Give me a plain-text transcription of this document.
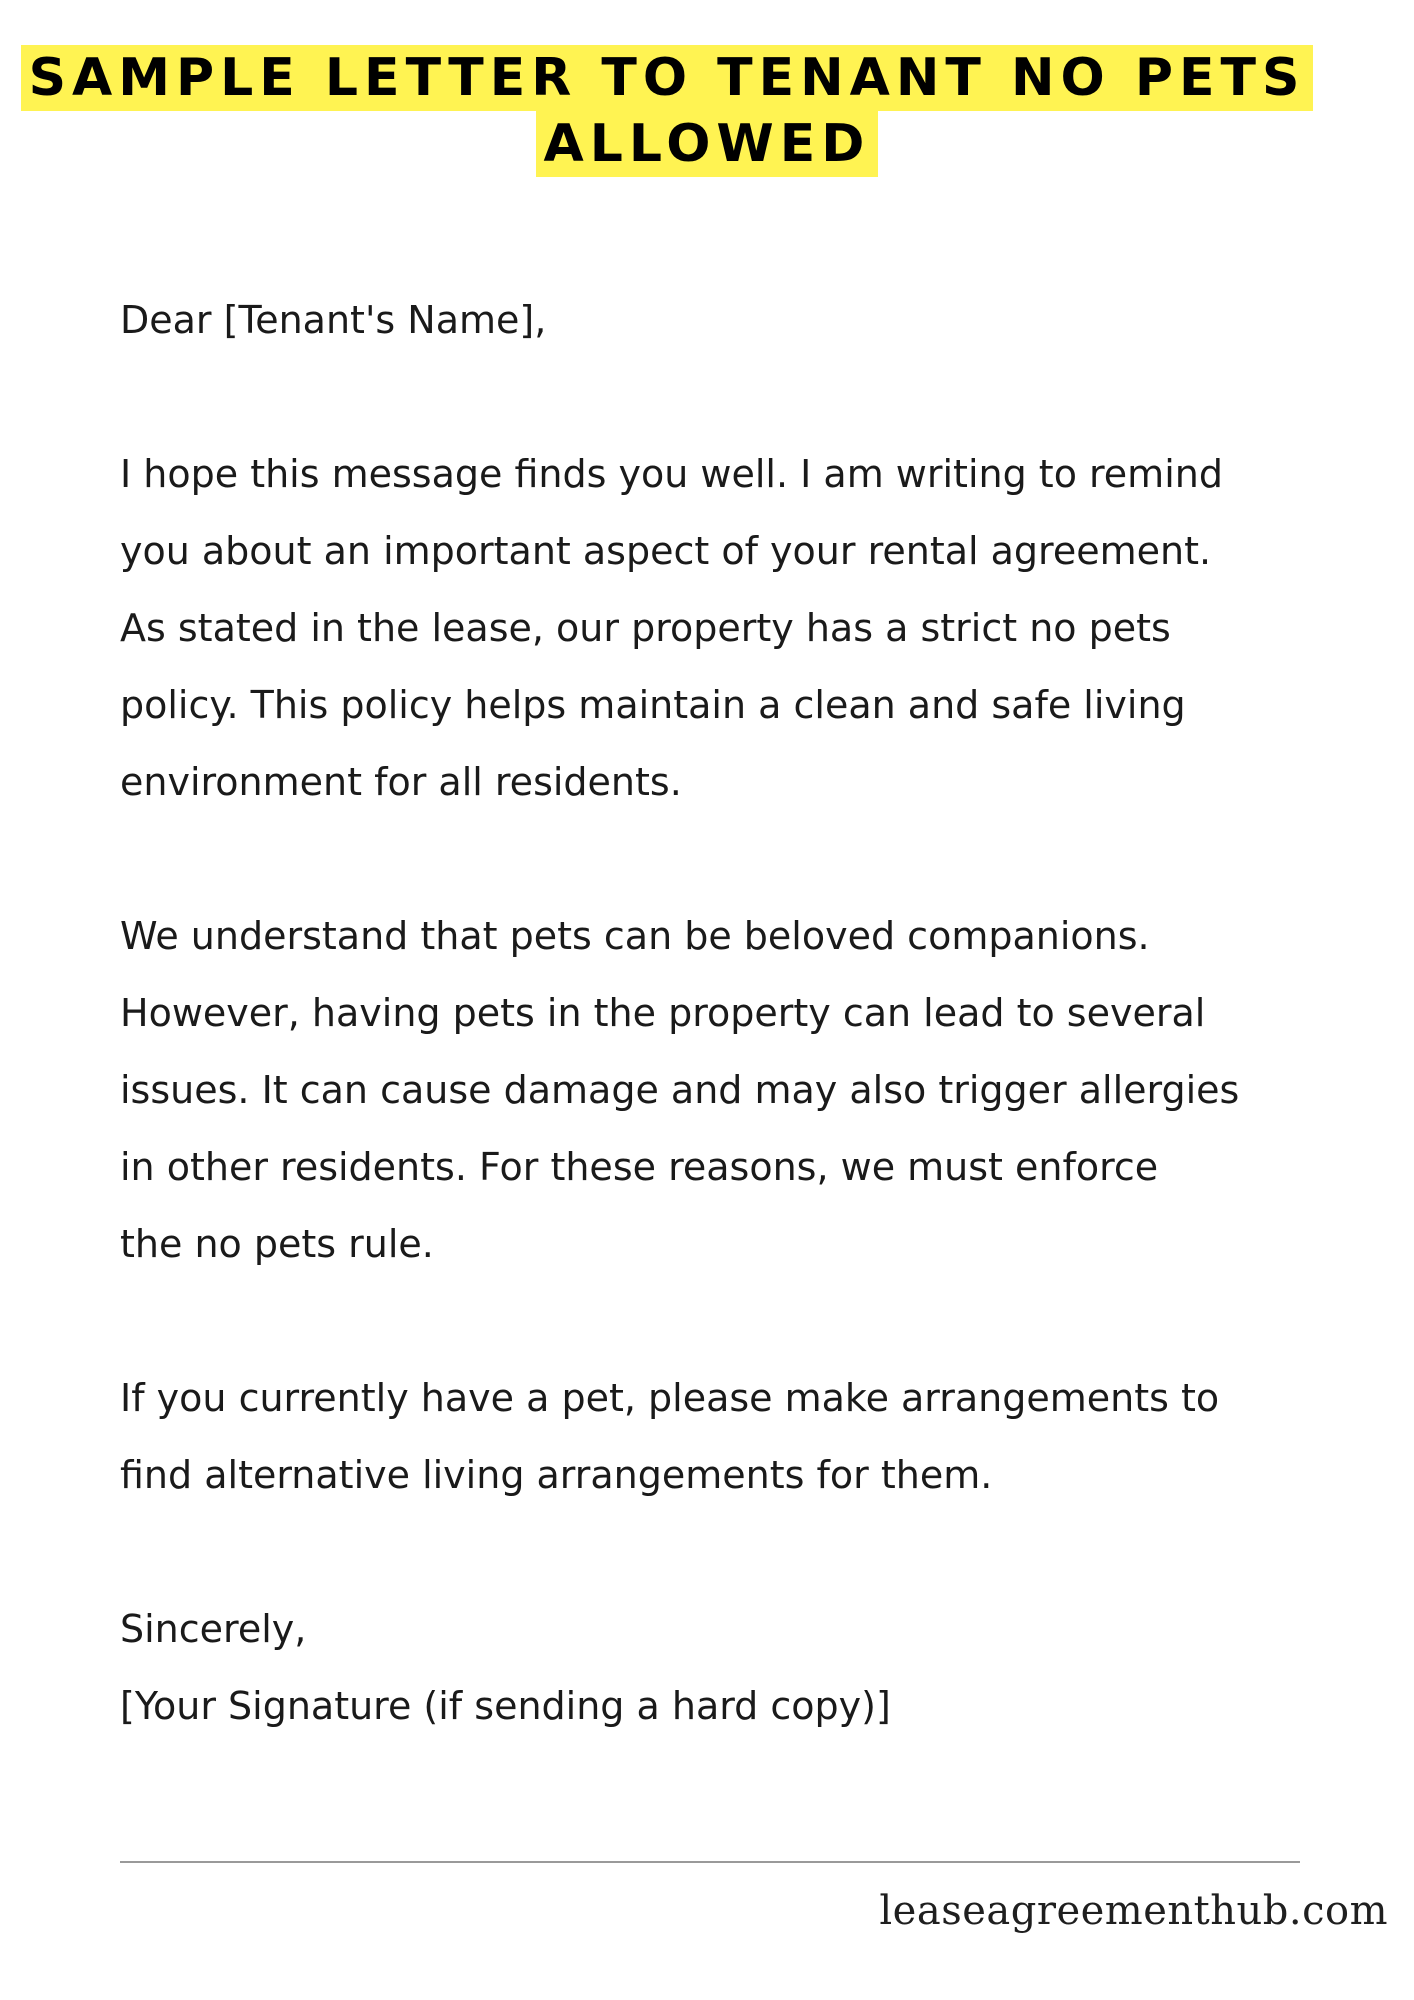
SAMPLE LETTER TO TENANT NO PETS
ALLOWED

Dear [Tenant's Name],

I hope this message finds you well. I am writing to remind

you about an important aspect of your rental agreement.

As stated in the lease, our property has a strict no pets

policy. This policy helps maintain a clean and safe living

environment for all residents.

We understand that pets can be beloved companions.

However, having pets in the property can lead to several

issues. It can cause damage and may also trigger allergies

in other residents. For these reasons, we must enforce

the no pets rule.

If you currently have a pet, please make arrangements to

find alternative living arrangements for them.

Sincerely,

[Your Signature (if sending a hard copy)]

leaseagreementhub.com
